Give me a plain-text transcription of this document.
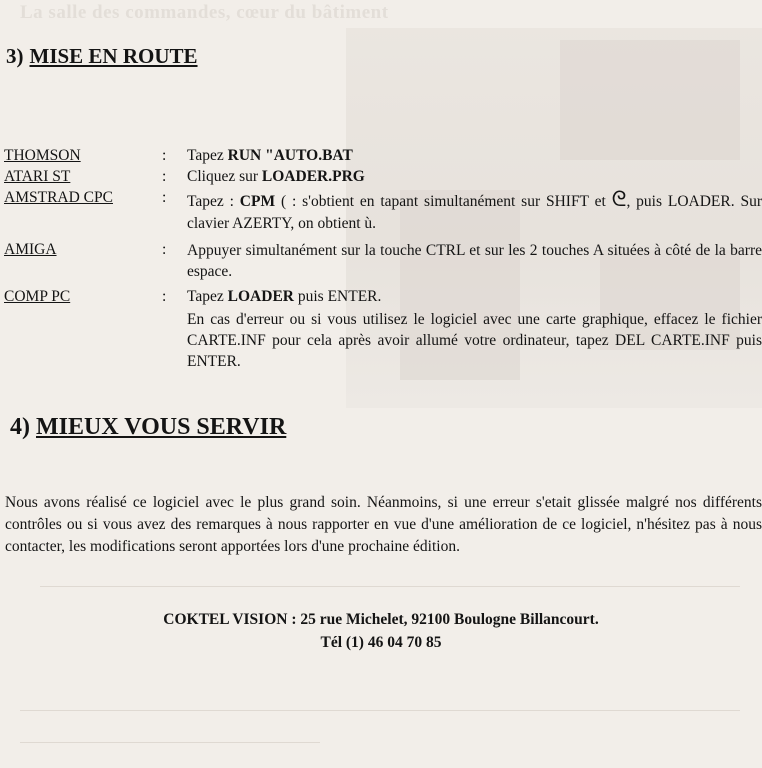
La salle des commandes, cœur du bâtiment
3) MISE EN ROUTE
THOMSON	: Tapez RUN "AUTO.BAT
ATARI ST	: Cliquez sur LOADER.PRG
AMSTRAD CPC	: Tapez : CPM ( : s'obtient en tapant simultanément sur SHIFT et ᘓ, puis LOADER. Sur clavier AZERTY, on obtient ù.
AMIGA	: Appuyer simultanément sur la touche CTRL et sur les 2 touches A situées à côté de la barre espace.
COMP PC	: Tapez LOADER puis ENTER.
En cas d'erreur ou si vous utilisez le logiciel avec une carte graphique, effacez le fichier CARTE.INF pour cela après avoir allumé votre ordinateur, tapez DEL CARTE.INF puis ENTER.
4) MIEUX VOUS SERVIR
Nous avons réalisé ce logiciel avec le plus grand soin. Néanmoins, si une erreur s'etait glissée malgré nos différents contrôles ou si vous avez des remarques à nous rapporter en vue d'une amélioration de ce logiciel, n'hésitez pas à nous contacter, les modifications seront apportées lors d'une prochaine édition.
COKTEL VISION : 25 rue Michelet, 92100 Boulogne Billancourt.
Tél (1) 46 04 70 85
